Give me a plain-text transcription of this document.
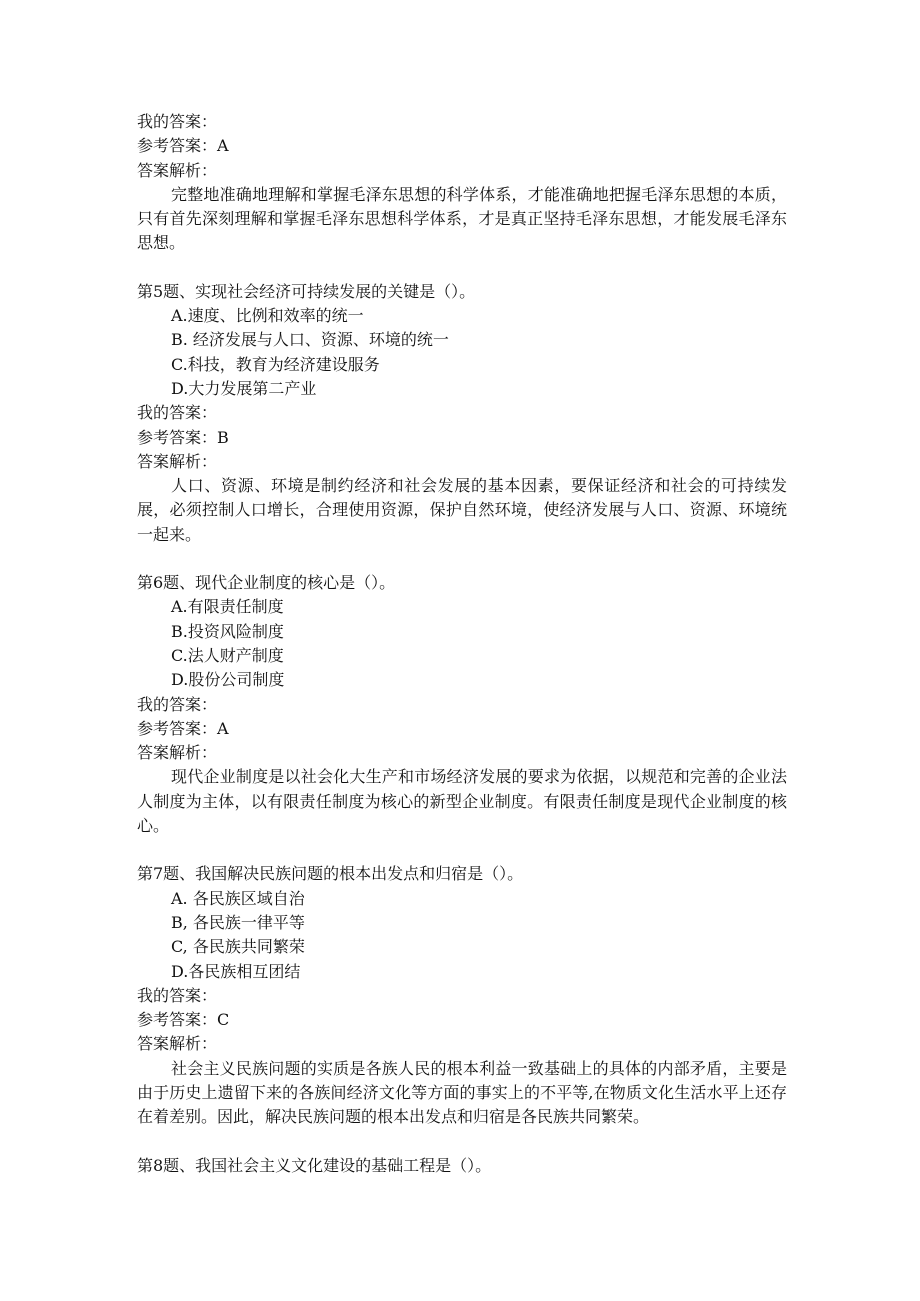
我的答案：

参考答案：A

答案解析：

完整地准确地理解和掌握毛泽东思想的科学体系，才能准确地把握毛泽东思想的本质，只有首先深刻理解和掌握毛泽东思想科学体系，才是真正坚持毛泽东思想，才能发展毛泽东思想。

第5题、实现社会经济可持续发展的关键是（）。

A.速度、比例和效率的统一

B. 经济发展与人口、资源、环境的统一

C.科技，教育为经济建设服务

D.大力发展第二产业

我的答案：

参考答案：B

答案解析：

人口、资源、环境是制约经济和社会发展的基本因素，要保证经济和社会的可持续发展，必须控制人口增长，合理使用资源，保护自然环境，使经济发展与人口、资源、环境统一起来。

第6题、现代企业制度的核心是（）。

A.有限责任制度

B.投资风险制度

C.法人财产制度

D.股份公司制度

我的答案：

参考答案：A

答案解析：

现代企业制度是以社会化大生产和市场经济发展的要求为依据，以规范和完善的企业法人制度为主体，以有限责任制度为核心的新型企业制度。有限责任制度是现代企业制度的核心。

第7题、我国解决民族问题的根本出发点和归宿是（）。

A. 各民族区域自治

B, 各民族一律平等

C, 各民族共同繁荣

D.各民族相互团结

我的答案：

参考答案：C

答案解析：

社会主义民族问题的实质是各族人民的根本利益一致基础上的具体的内部矛盾，主要是由于历史上遗留下来的各族间经济文化等方面的事实上的不平等,在物质文化生活水平上还存在着差别。因此，解决民族问题的根本出发点和归宿是各民族共同繁荣。

第8题、我国社会主义文化建设的基础工程是（）。
